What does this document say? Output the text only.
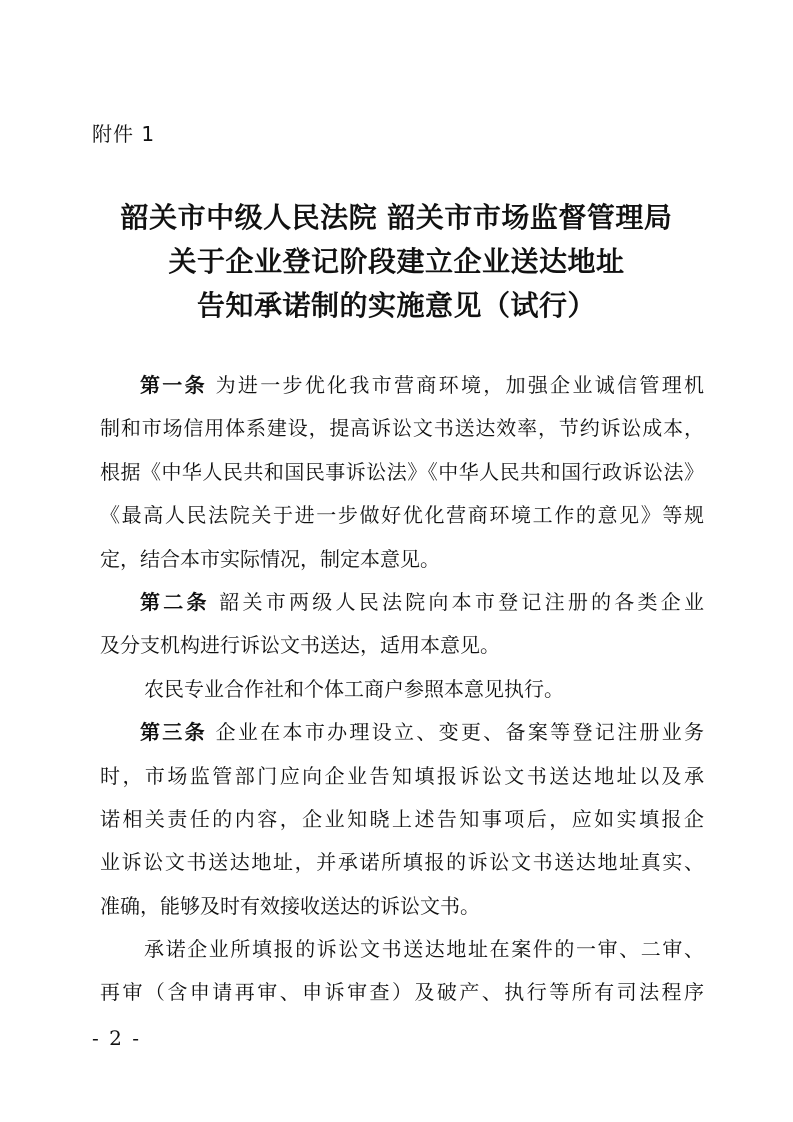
附件 1
韶关市中级人民法院 韶关市市场监督管理局
关于企业登记阶段建立企业送达地址
告知承诺制的实施意见（试行）
第一条 为进一步优化我市营商环境，加强企业诚信管理机
制和市场信用体系建设，提高诉讼文书送达效率，节约诉讼成本，
根据《中华人民共和国民事诉讼法》《中华人民共和国行政诉讼法》
《最高人民法院关于进一步做好优化营商环境工作的意见》等规
定，结合本市实际情况，制定本意见。
第二条 韶关市两级人民法院向本市登记注册的各类企业
及分支机构进行诉讼文书送达，适用本意见。
农民专业合作社和个体工商户参照本意见执行。
第三条 企业在本市办理设立、变更、备案等登记注册业务
时，市场监管部门应向企业告知填报诉讼文书送达地址以及承
诺相关责任的内容，企业知晓上述告知事项后，应如实填报企
业诉讼文书送达地址，并承诺所填报的诉讼文书送达地址真实、
准确，能够及时有效接收送达的诉讼文书。
承诺企业所填报的诉讼文书送达地址在案件的一审、二审、
再审（含申请再审、申诉审查）及破产、执行等所有司法程序
- 2 -
